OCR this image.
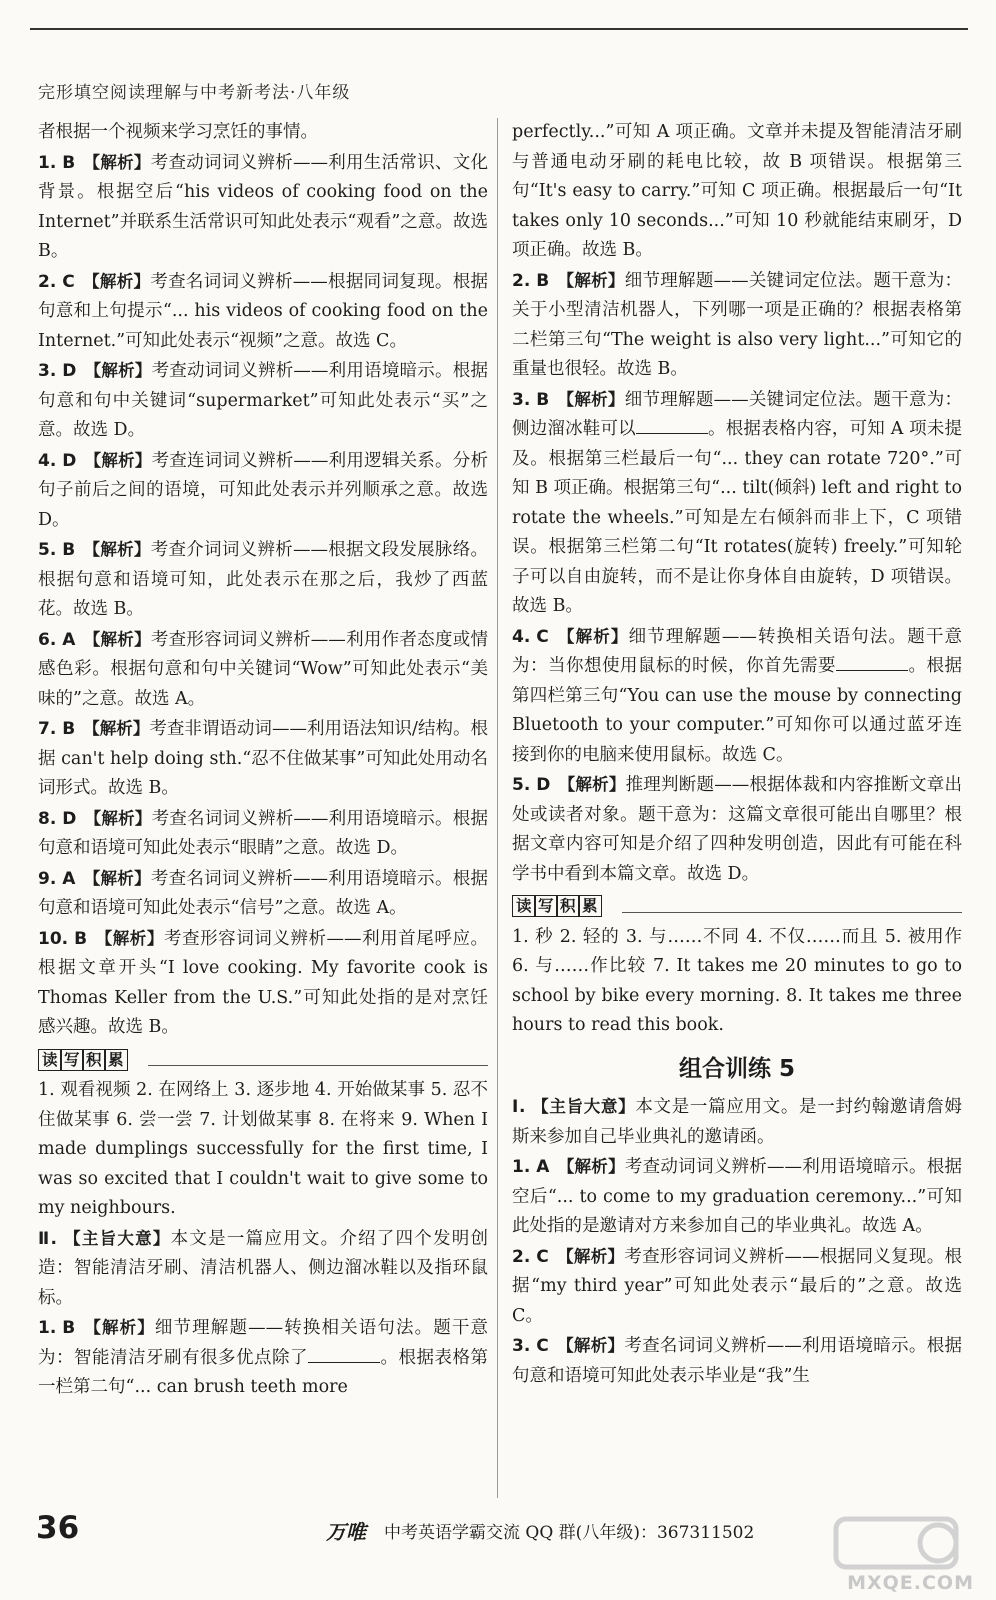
完形填空阅读理解与中考新考法·八年级

者根据一个视频来学习烹饪的事情。

1. B 【解析】考查动词词义辨析——利用生活常识、文化背景。根据空后“his videos of cooking food on the Internet”并联系生活常识可知此处表示“观看”之意。故选 B。

2. C 【解析】考查名词词义辨析——根据同词复现。根据句意和上句提示“... his videos of cooking food on the Internet.”可知此处表示“视频”之意。故选 C。

3. D 【解析】考查动词词义辨析——利用语境暗示。根据句意和句中关键词“supermarket”可知此处表示“买”之意。故选 D。

4. D 【解析】考查连词词义辨析——利用逻辑关系。分析句子前后之间的语境，可知此处表示并列顺承之意。故选 D。

5. B 【解析】考查介词词义辨析——根据文段发展脉络。根据句意和语境可知，此处表示在那之后，我炒了西蓝花。故选 B。

6. A 【解析】考查形容词词义辨析——利用作者态度或情感色彩。根据句意和句中关键词“Wow”可知此处表示“美味的”之意。故选 A。

7. B 【解析】考查非谓语动词——利用语法知识/结构。根据 can't help doing sth.“忍不住做某事”可知此处用动名词形式。故选 B。

8. D 【解析】考查名词词义辨析——利用语境暗示。根据句意和语境可知此处表示“眼睛”之意。故选 D。

9. A 【解析】考查名词词义辨析——利用语境暗示。根据句意和语境可知此处表示“信号”之意。故选 A。

10. B 【解析】考查形容词词义辨析——利用首尾呼应。根据文章开头“I love cooking. My favorite cook is Thomas Keller from the U.S.”可知此处指的是对烹饪感兴趣。故选 B。

读 写 积 累

1. 观看视频 2. 在网络上 3. 逐步地 4. 开始做某事 5. 忍不住做某事 6. 尝一尝 7. 计划做某事 8. 在将来 9. When I made dumplings successfully for the first time, I was so excited that I couldn't wait to give some to my neighbours.

Ⅱ. 【主旨大意】本文是一篇应用文。介绍了四个发明创造：智能清洁牙刷、清洁机器人、侧边溜冰鞋以及指环鼠标。

1. B 【解析】细节理解题——转换相关语句法。题干意为：智能清洁牙刷有很多优点除了	。根据表格第一栏第二句“... can brush teeth more

perfectly...”可知 A 项正确。文章并未提及智能清洁牙刷与普通电动牙刷的耗电比较，故 B 项错误。根据第三句“It's easy to carry.”可知 C 项正确。根据最后一句“It takes only 10 seconds...”可知 10 秒就能结束刷牙，D 项正确。故选 B。

2. B 【解析】细节理解题——关键词定位法。题干意为：关于小型清洁机器人，下列哪一项是正确的？根据表格第二栏第三句“The weight is also very light...”可知它的重量也很轻。故选 B。

3. B 【解析】细节理解题——关键词定位法。题干意为：侧边溜冰鞋可以	。根据表格内容，可知 A 项未提及。根据第三栏最后一句“... they can rotate 720°.”可知 B 项正确。根据第三句“... tilt(倾斜) left and right to rotate the wheels.”可知是左右倾斜而非上下，C 项错误。根据第三栏第二句“It rotates(旋转) freely.”可知轮子可以自由旋转，而不是让你身体自由旋转，D 项错误。故选 B。

4. C 【解析】细节理解题——转换相关语句法。题干意为：当你想使用鼠标的时候，你首先需要	。根据第四栏第三句“You can use the mouse by connecting Bluetooth to your computer.”可知你可以通过蓝牙连接到你的电脑来使用鼠标。故选 C。

5. D 【解析】推理判断题——根据体裁和内容推断文章出处或读者对象。题干意为：这篇文章很可能出自哪里？根据文章内容可知是介绍了四种发明创造，因此有可能在科学书中看到本篇文章。故选 D。

读 写 积 累

1. 秒 2. 轻的 3. 与……不同 4. 不仅……而且 5. 被用作 6. 与……作比较 7. It takes me 20 minutes to go to school by bike every morning. 8. It takes me three hours to read this book.

组合训练 5

Ⅰ. 【主旨大意】本文是一篇应用文。是一封约翰邀请詹姆斯来参加自己毕业典礼的邀请函。

1. A 【解析】考查动词词义辨析——利用语境暗示。根据空后“... to come to my graduation ceremony...”可知此处指的是邀请对方来参加自己的毕业典礼。故选 A。

2. C 【解析】考查形容词词义辨析——根据同义复现。根据“my third year”可知此处表示“最后的”之意。故选 C。

3. C 【解析】考查名词词义辨析——利用语境暗示。根据句意和语境可知此处表示毕业是“我”生

36	万唯 中考英语学霸交流 QQ 群(八年级)：367311502
MXQE.COM
